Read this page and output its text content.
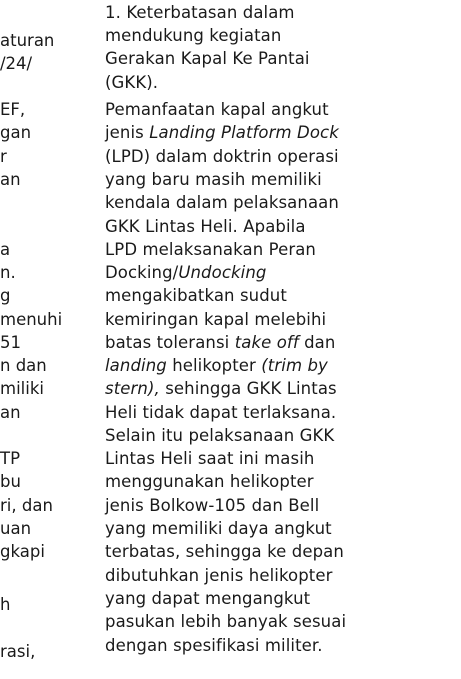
aturan
/24/
EF,
gan
r
an
a
n.
g
menuhi
51
n dan
miliki
an
TP
bu
ri, dan
uan
gkapi
h
rasi,
1. Keterbatasan dalam
mendukung kegiatan
Gerakan Kapal Ke Pantai
(GKK).
Pemanfaatan kapal angkut
jenis Landing Platform Dock
(LPD) dalam doktrin operasi
yang baru masih memiliki
kendala dalam pelaksanaan
GKK Lintas Heli. Apabila
LPD melaksanakan Peran
Docking/Undocking
mengakibatkan sudut
kemiringan kapal melebihi
batas toleransi take off dan
landing helikopter (trim by
stern), sehingga GKK Lintas
Heli tidak dapat terlaksana.
Selain itu pelaksanaan GKK
Lintas Heli saat ini masih
menggunakan helikopter
jenis Bolkow-105 dan Bell
yang memiliki daya angkut
terbatas, sehingga ke depan
dibutuhkan jenis helikopter
yang dapat mengangkut
pasukan lebih banyak sesuai
dengan spesifikasi militer.
